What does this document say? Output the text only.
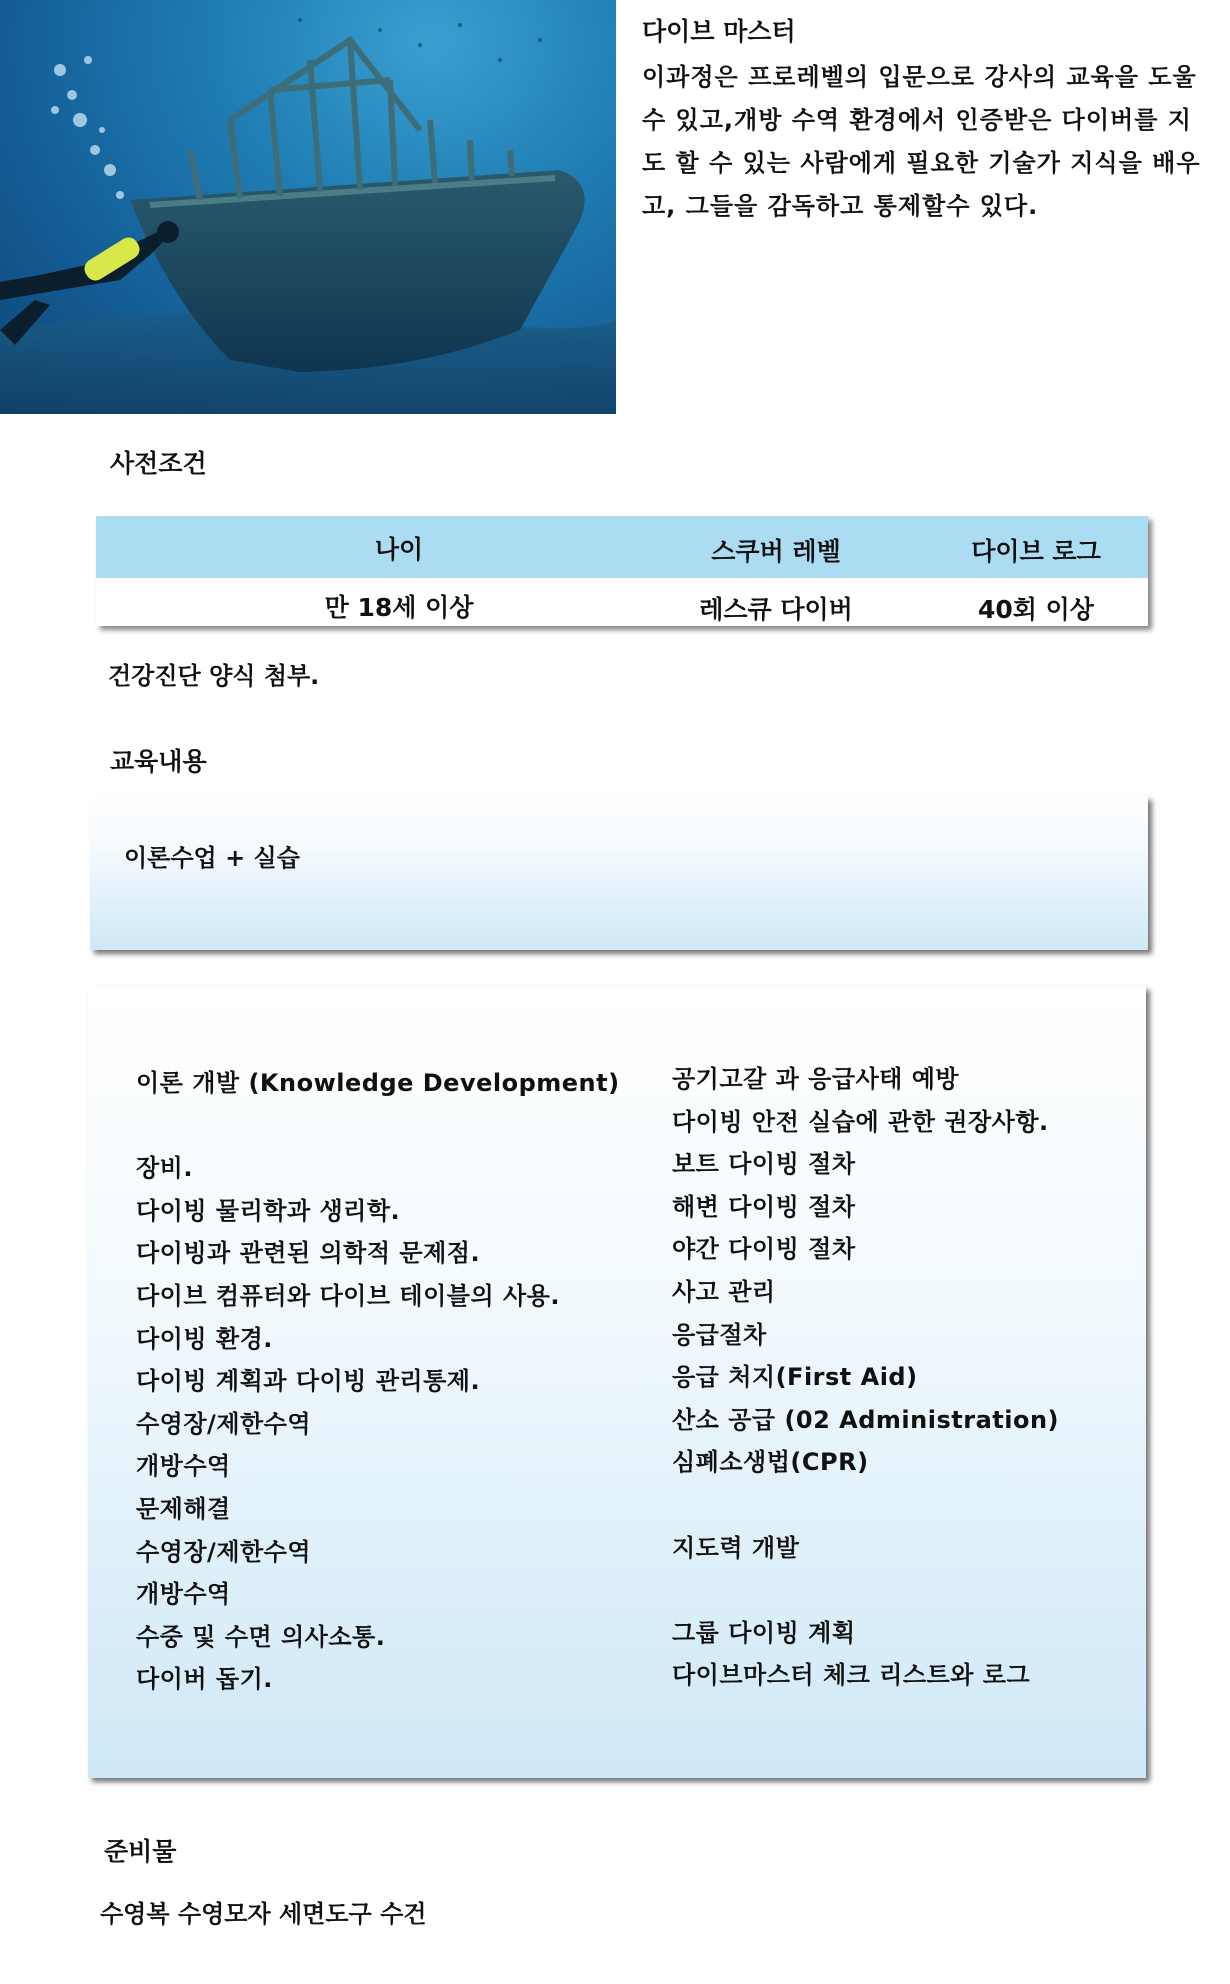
다이브 마스터
이과정은 프로레벨의 입문으로 강사의 교육을 도울 수 있고,개방 수역 환경에서 인증받은 다이버를 지도 할 수 있는 사람에게 필요한 기술가 지식을 배우고, 그들을 감독하고 통제할수 있다.
사전조건
나이	스쿠버 레벨	다이브 로그
만 18세 이상	레스큐 다이버	40회 이상
건강진단 양식 첨부.
교육내용
이론수업 + 실습
이론 개발 (Knowledge Development)

장비.
다이빙 물리학과 생리학.
다이빙과 관련된 의학적 문제점.
다이브 컴퓨터와 다이브 테이블의 사용.
다이빙 환경.
다이빙 계획과 다이빙 관리통제.
수영장/제한수역
개방수역
문제해결
수영장/제한수역
개방수역
수중 및 수면 의사소통.
다이버 돕기.
공기고갈 과 응급사태 예방
다이빙 안전 실습에 관한 권장사항.
보트 다이빙 절차
해변 다이빙 절차
야간 다이빙 절차
사고 관리
응급절차
응급 처지(First Aid)
산소 공급 (02 Administration)
심폐소생법(CPR)

지도력 개발

그룹 다이빙 계획
다이브마스터 체크 리스트와 로그
준비물
수영복 수영모자 세면도구 수건
